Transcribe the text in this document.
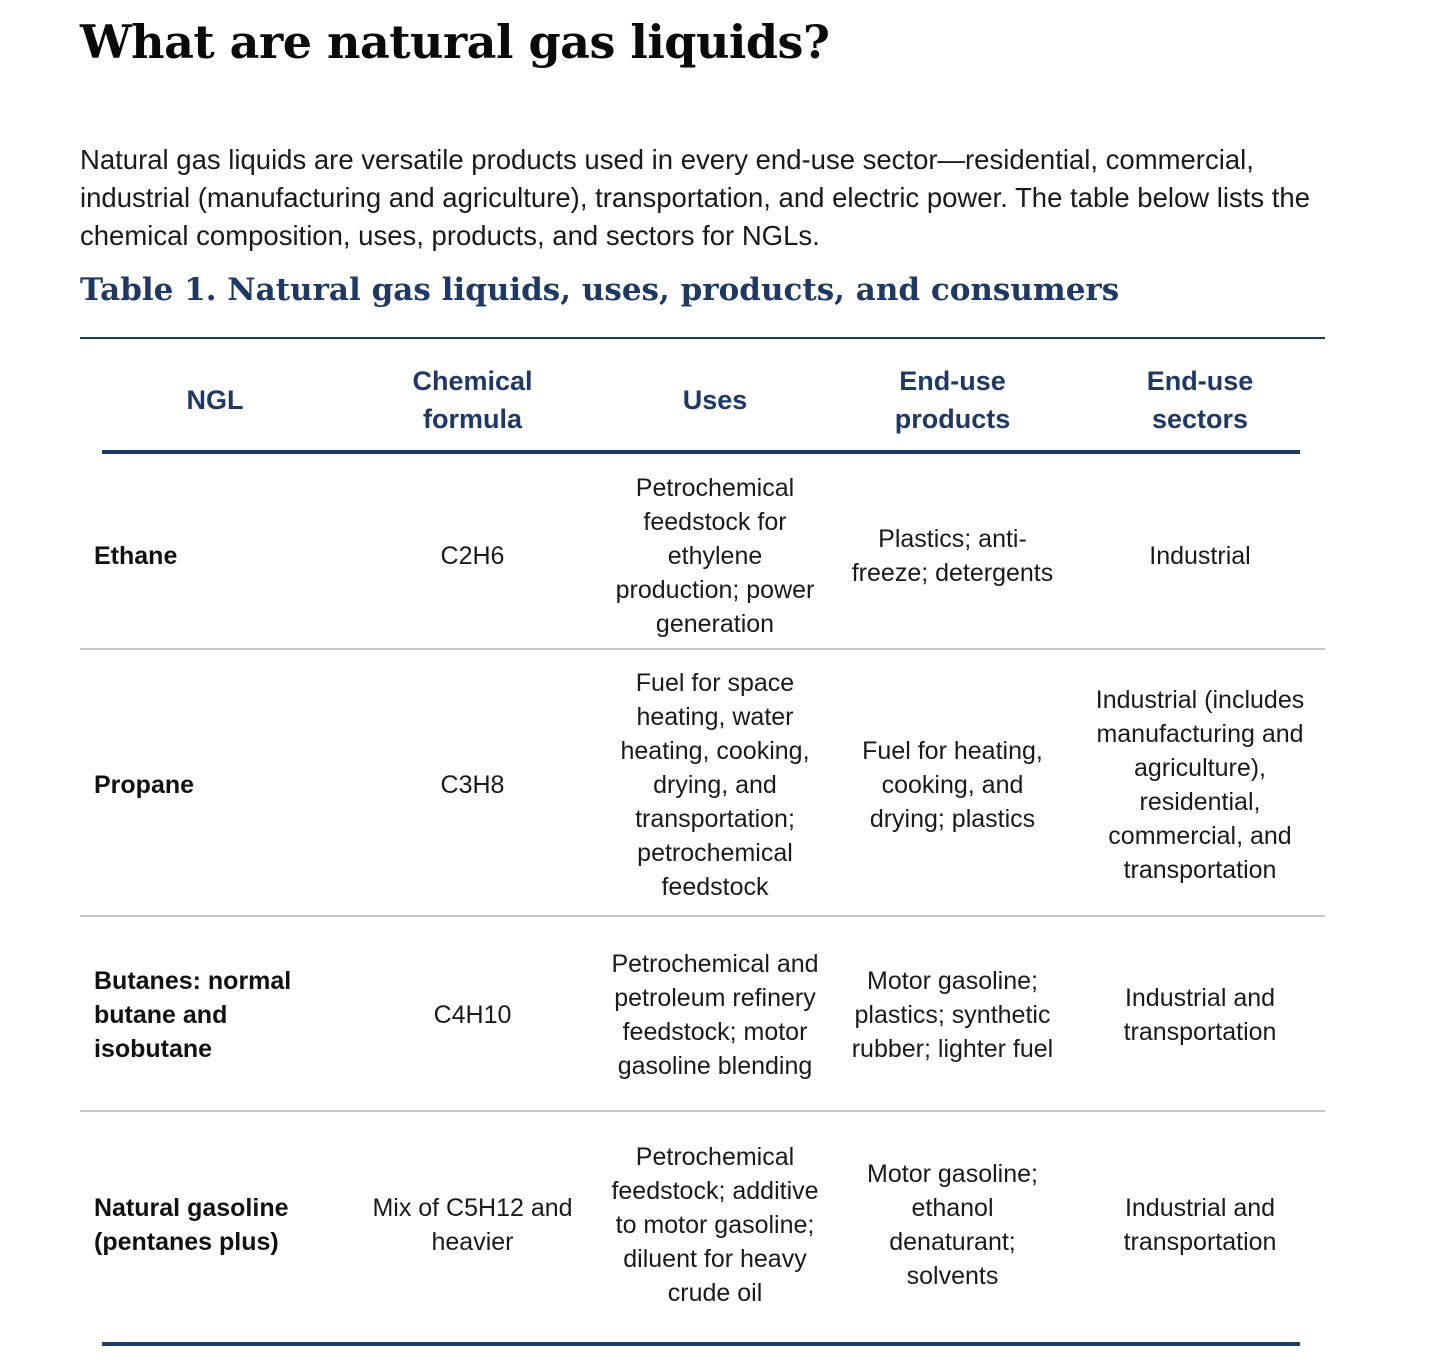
What are natural gas liquids?

Natural gas liquids are versatile products used in every end-use sector—residential, commercial, industrial (manufacturing and agriculture), transportation, and electric power. The table below lists the chemical composition, uses, products, and sectors for NGLs.

Table 1. Natural gas liquids, uses, products, and consumers
NGL
Chemical formula
Uses
End-use products
End-use sectors
Ethane	C2H6
Petrochemical feedstock for ethylene production; power generation
Plastics; anti-freeze; detergents
Industrial
Propane	C3H8
Fuel for space heating, water heating, cooking, drying, and transportation; petrochemical feedstock
Fuel for heating, cooking, and drying; plastics
Industrial (includes manufacturing and agriculture), residential, commercial, and transportation
Butanes: normal butane and isobutane
C4H10
Petrochemical and petroleum refinery feedstock; motor gasoline blending
Motor gasoline; plastics; synthetic rubber; lighter fuel
Industrial and transportation
Natural gasoline (pentanes plus)
Mix of C5H12 and heavier
Petrochemical feedstock; additive to motor gasoline; diluent for heavy crude oil
Motor gasoline; ethanol denaturant; solvents
Industrial and transportation
